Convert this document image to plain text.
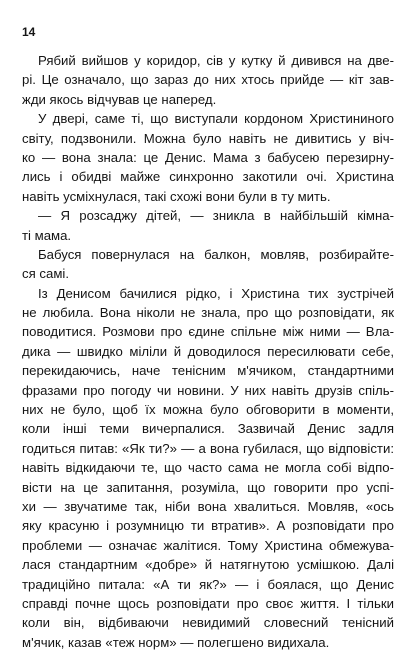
14
Рябий вийшов у коридор, сів у кутку й дивився на две-
рі. Це означало, що зараз до них хтось прийде — кіт зав-
жди якось відчував це наперед.
У двері, саме ті, що виступали кордоном Христининого
світу, подзвонили. Можна було навіть не дивитись у віч-
ко — вона знала: це Денис. Мама з бабусею перезирну-
лись і обидві майже синхронно закотили очі. Христина
навіть усміхнулася, такі схожі вони були в ту мить.
— Я розсаджу дітей, — зникла в найбільшій кімна-
ті мама.
Бабуся повернулася на балкон, мовляв, розбирайте-
ся самі.
Із Денисом бачилися рідко, і Христина тих зустрічей
не любила. Вона ніколи не знала, про що розповідати, як
поводитися. Розмови про єдине спільне між ними — Вла-
дика — швидко міліли й доводилося пересилювати себе,
перекидаючись, наче тенісним м'ячиком, стандартними
фразами про погоду чи новини. У них навіть друзів спіль-
них не було, щоб їх можна було обговорити в моменти,
коли інші теми вичерпалися. Зазвичай Денис задля
годиться питав: «Як ти?» — а вона губилася, що відповісти:
навіть відкидаючи те, що часто сама не могла собі відпо-
вісти на це запитання, розуміла, що говорити про успі-
хи — звучатиме так, ніби вона хвалиться. Мовляв, «ось
яку красуню і розумницю ти втратив». А розповідати про
проблеми — означає жалітися. Тому Христина обмежува-
лася стандартним «добре» й натягнутою усмішкою. Далі
традиційно питала: «А ти як?» — і боялася, що Денис
справді почне щось розповідати про своє життя. І тільки
коли він, відбиваючи невидимий словесний тенісний
м'ячик, казав «теж норм» — полегшено видихала.
